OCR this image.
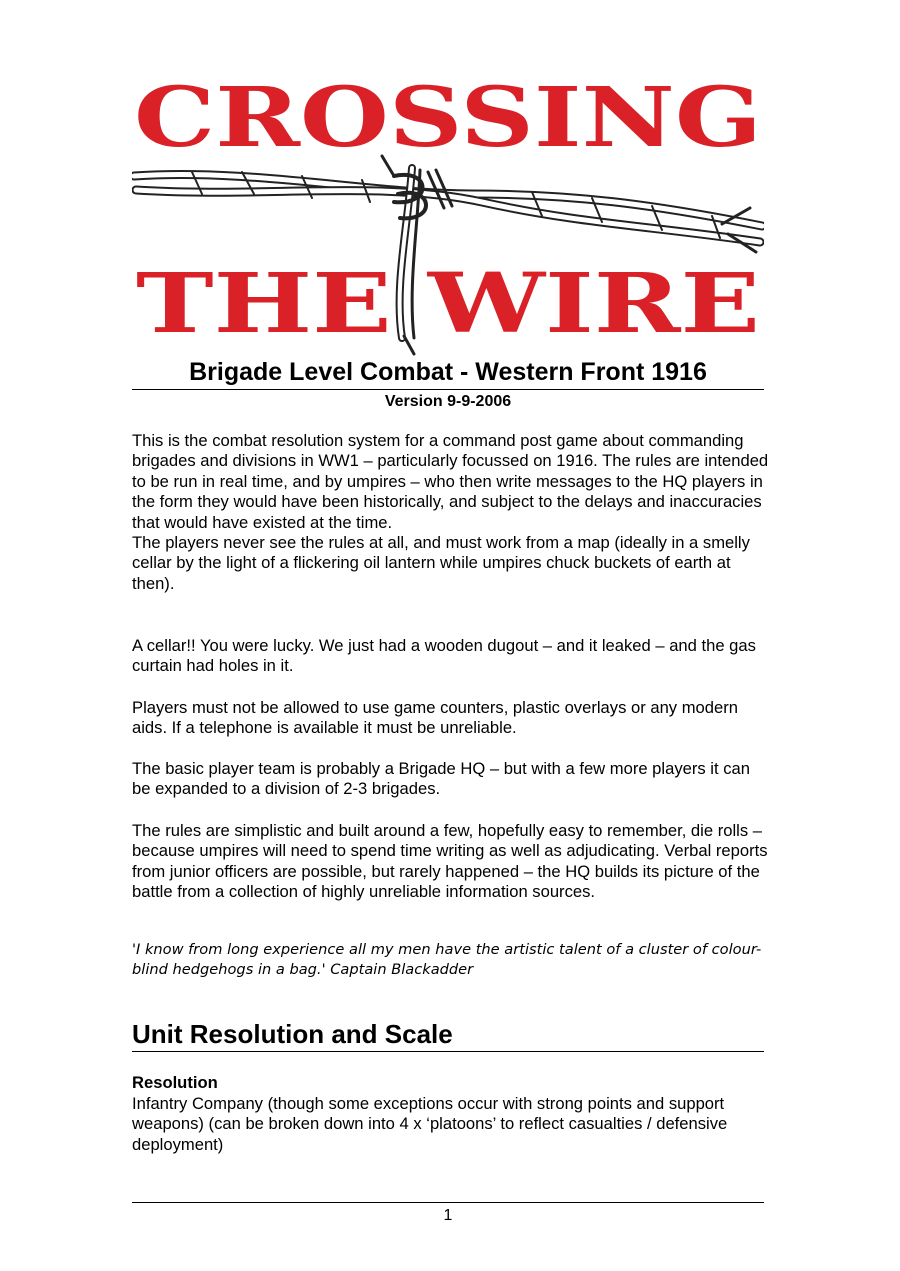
CROSSING
THE WIRE
Brigade Level Combat - Western Front 1916
Version 9-9-2006

This is the combat resolution system for a command post game about commanding brigades and divisions in WW1 – particularly focussed on 1916. The rules are intended to be run in real time, and by umpires – who then write messages to the HQ players in the form they would have been historically, and subject to the delays and inaccuracies that would have existed at the time.

The players never see the rules at all, and must work from a map (ideally in a smelly cellar by the light of a flickering oil lantern while umpires chuck buckets of earth at then).

A cellar!! You were lucky. We just had a wooden dugout – and it leaked – and the gas curtain had holes in it.
Players must not be allowed to use game counters, plastic overlays or any modern aids. If a telephone is available it must be unreliable.
The basic player team is probably a Brigade HQ – but with a few more players it can be expanded to a division of 2-3 brigades.
The rules are simplistic and built around a few, hopefully easy to remember, die rolls – because umpires will need to spend time writing as well as adjudicating. Verbal reports from junior officers are possible, but rarely happened – the HQ builds its picture of the battle from a collection of highly unreliable information sources.
'I know from long experience all my men have the artistic talent of a cluster of colour-blind hedgehogs in a bag.' Captain Blackadder
Unit Resolution and Scale
Resolution
Infantry Company (though some exceptions occur with strong points and support weapons) (can be broken down into 4 x ‘platoons’ to reflect casualties / defensive deployment)
1
